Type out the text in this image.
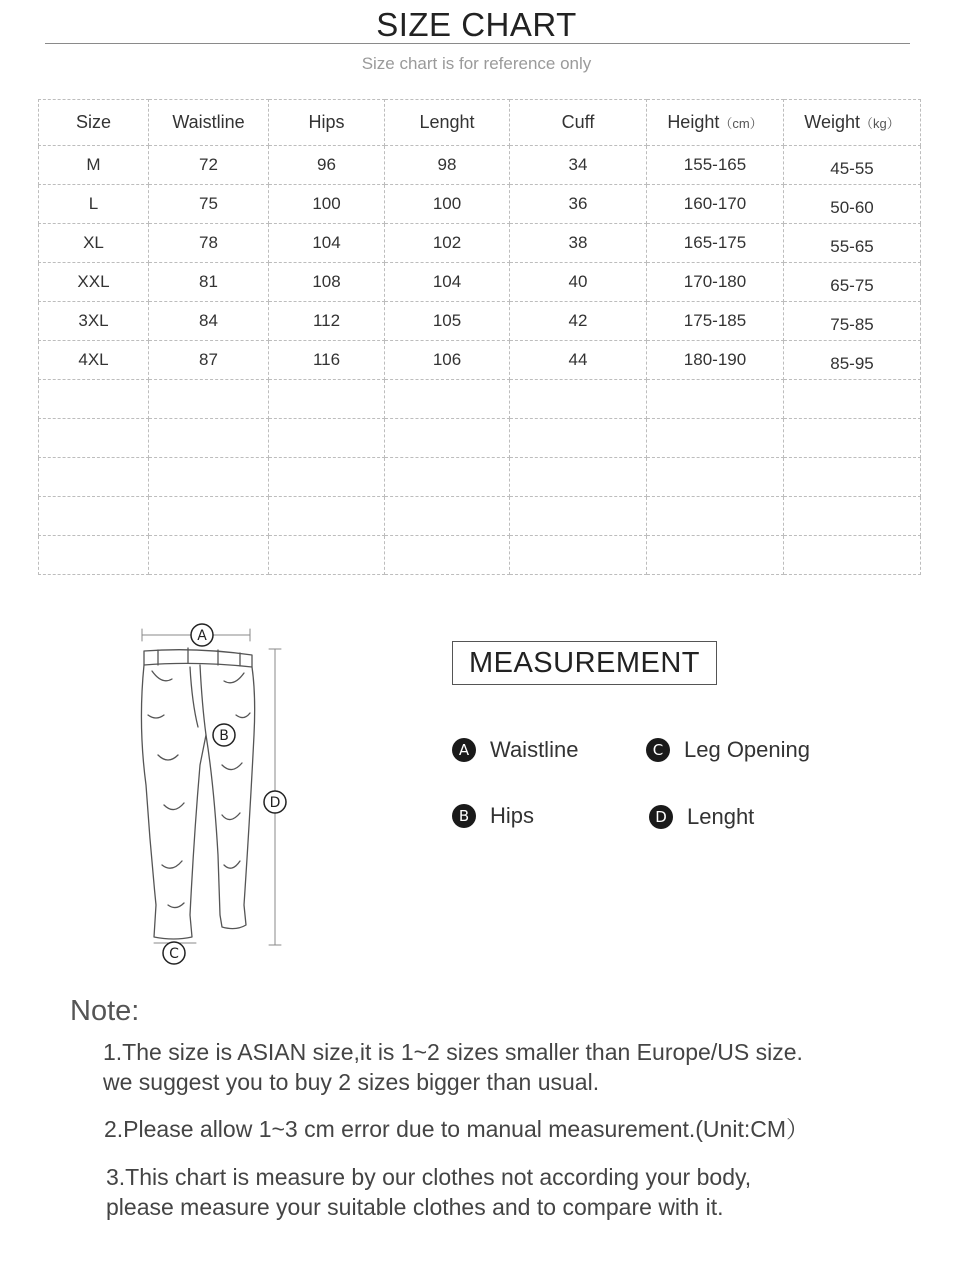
SIZE CHART
Size chart is for reference only
Size	Waistline	Hips	Lenght	Cuff	Height（cm）	Weight（kg）
M	72	96	98	34	155-165	45-55
L	75	100	100	36	160-170	50-60
XL	78	104	102	38	165-175	55-65
XXL	81	108	104	40	170-180	65-75
3XL	84	112	105	42	175-185	75-85
4XL	87	116	106	44	180-190	85-95

A
B
D
C
MEASUREMENT
A Waistline	C Leg Opening
B Hips	D Lenght
Note:
1.The size is ASIAN size,it is 1~2 sizes smaller than Europe/US size.
we suggest you to buy 2 sizes bigger than usual.
2.Please allow 1~3 cm error due to manual measurement.(Unit:CM）
3.This chart is measure by our clothes not according your body,
please measure your suitable clothes and to compare with it.
